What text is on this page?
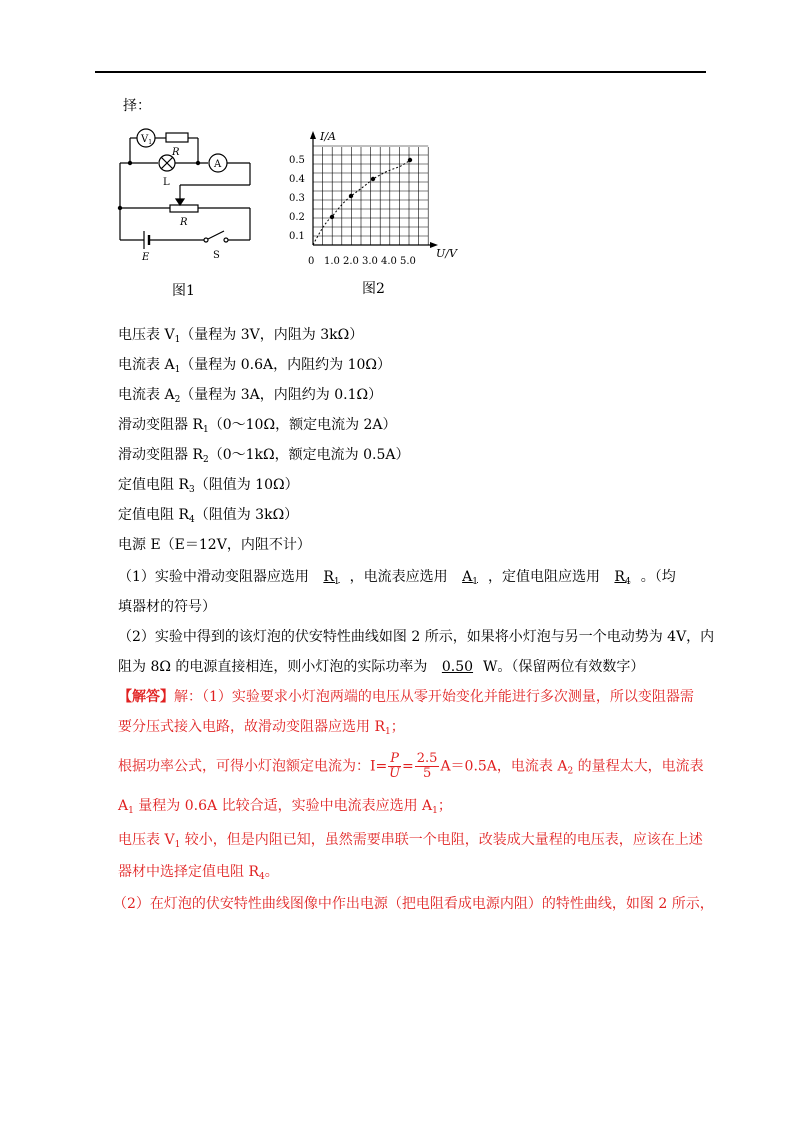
择：
$V_1$
R
L
A
R
E	S
图1
I/A
U/V
0.5
0.4
0.3
0.2
0.1
0 1.0 2.0 3.0 4.0 5.0
图2
电压表 $V_1$（量程为 3V，内阻为 3kΩ）
电流表 $A_1$（量程为 0.6A，内阻约为 10Ω）
电流表 $A_2$（量程为 3A，内阻约为 0.1Ω）
滑动变阻器 $R_1(0\sim 10\Omega$，额定电流为 2A）
滑动变阻器 $R_2(0\sim 1k\Omega$，额定电流为 0.5A）
定值电阻 $R_3$（阻值为 10Ω）
定值电阻 $R_4$（阻值为 3kΩ）
电源 E（E＝12V，内阻不计）
（1）实验中滑动变阻器应选用 $R_1$ ，电流表应选用 $A_1$ ，定值电阻应选用 $R_4$ 。（均
填器材的符号）
（2）实验中得到的该灯泡的伏安特性曲线如图 2 所示，如果将小灯泡与另一个电动势为 4V，内
阻为 8Ω 的电源直接相连，则小灯泡的实际功率为 0.50 W。（保留两位有效数字）
【解答】解：（1）实验要求小灯泡两端的电压从零开始变化并能进行多次测量，所以变阻器需
要分压式接入电路，故滑动变阻器应选用 $R_1$；
根据功率公式，可得小灯泡额定电流为：$I= \frac{P}{U} = \frac{2.5}{5} A=0.5A$，电流表 $A_2$ 的量程太大，电流表
$A_1$ 量程为 0.6A 比较合适，实验中电流表应选用 $A_1$；
电压表 $V_1$ 较小，但是内阻已知，虽然需要串联一个电阻，改装成大量程的电压表，应该在上述
器材中选择定值电阻 $R_4$。
（2）在灯泡的伏安特性曲线图像中作出电源（把电阻看成电源内阻）的特性曲线，如图 2 所示，
